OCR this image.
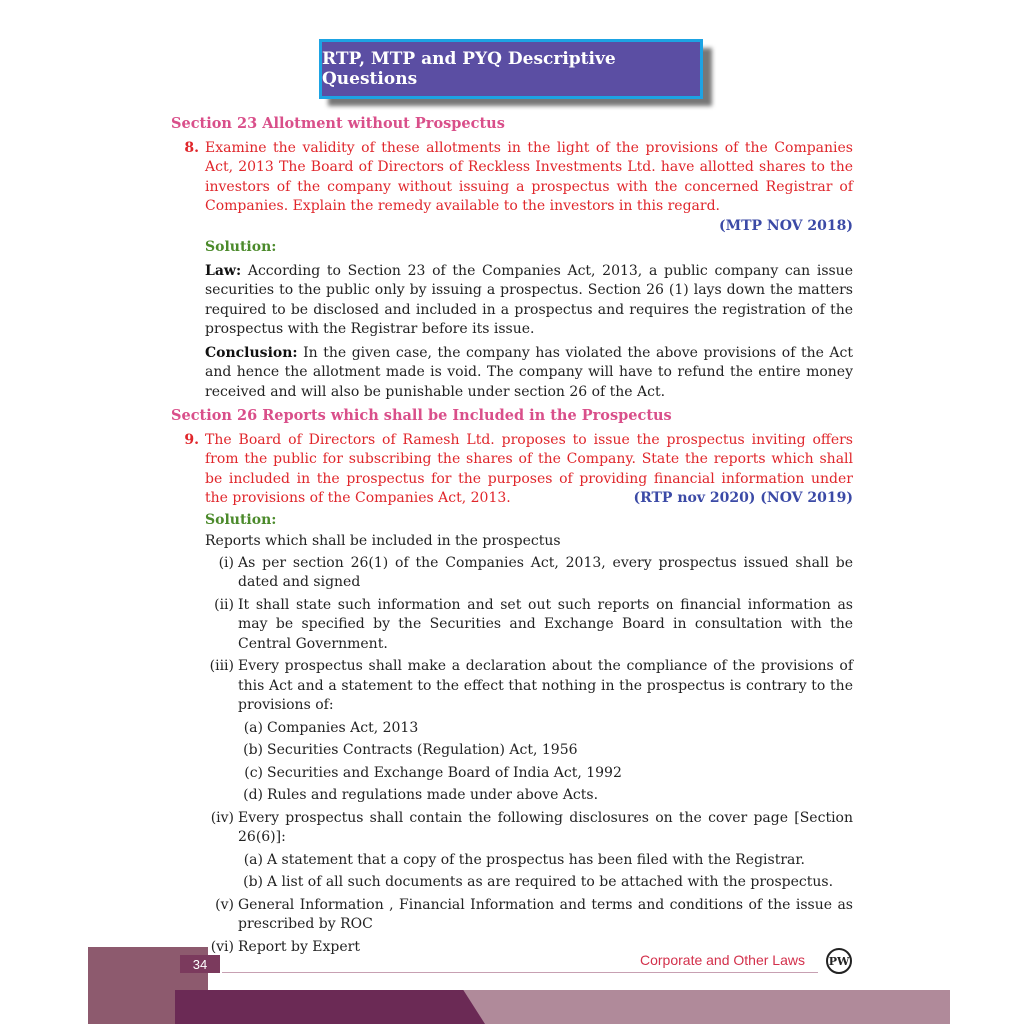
RTP, MTP and PYQ Descriptive Questions
Section 23 Allotment without Prospectus
8. Examine the validity of these allotments in the light of the provisions of the Companies Act, 2013 The Board of Directors of Reckless Investments Ltd. have allotted shares to the investors of the company without issuing a prospectus with the concerned Registrar of Companies. Explain the remedy available to the investors in this regard.
(MTP NOV 2018)
Solution:

Law: According to Section 23 of the Companies Act, 2013, a public company can issue securities to the public only by issuing a prospectus. Section 26 (1) lays down the matters required to be disclosed and included in a prospectus and requires the registration of the prospectus with the Registrar before its issue.

Conclusion: In the given case, the company has violated the above provisions of the Act and hence the allotment made is void. The company will have to refund the entire money received and will also be punishable under section 26 of the Act.

Section 26 Reports which shall be Included in the Prospectus
9. The Board of Directors of Ramesh Ltd. proposes to issue the prospectus inviting offers from the public for subscribing the shares of the Company. State the reports which shall be included in the prospectus for the purposes of providing financial information under the provisions of the Companies Act, 2013.	(RTP nov 2020) (NOV 2019)
Solution:
Reports which shall be included in the prospectus
(i) As per section 26(1) of the Companies Act, 2013, every prospectus issued shall be dated and signed
(ii) It shall state such information and set out such reports on financial information as may be specified by the Securities and Exchange Board in consultation with the Central Government.
(iii) Every prospectus shall make a declaration about the compliance of the provisions of this Act and a statement to the effect that nothing in the prospectus is contrary to the provisions of:
(a) Companies Act, 2013
(b) Securities Contracts (Regulation) Act, 1956
(c) Securities and Exchange Board of India Act, 1992
(d) Rules and regulations made under above Acts.
(iv) Every prospectus shall contain the following disclosures on the cover page [Section 26(6)]:
(a) A statement that a copy of the prospectus has been filed with the Registrar.
(b) A list of all such documents as are required to be attached with the prospectus.
(v) General Information , Financial Information and terms and conditions of the issue as prescribed by ROC
(vi) Report by Expert
34	Corporate and Other Laws PW
